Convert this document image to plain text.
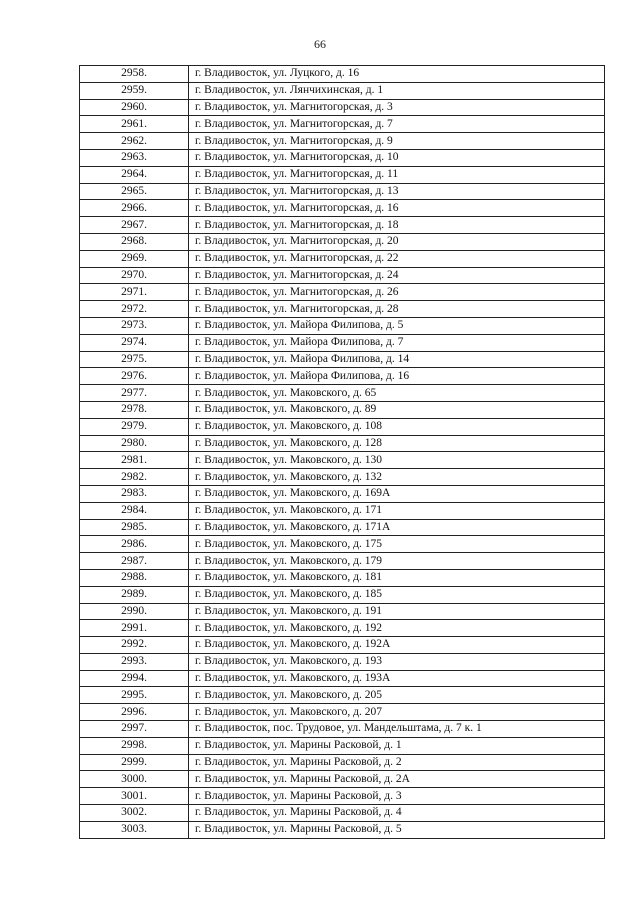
66
2958.	г. Владивосток, ул. Луцкого, д. 16
2959.	г. Владивосток, ул. Лянчихинская, д. 1
2960.	г. Владивосток, ул. Магнитогорская, д. 3
2961.	г. Владивосток, ул. Магнитогорская, д. 7
2962.	г. Владивосток, ул. Магнитогорская, д. 9
2963.	г. Владивосток, ул. Магнитогорская, д. 10
2964.	г. Владивосток, ул. Магнитогорская, д. 11
2965.	г. Владивосток, ул. Магнитогорская, д. 13
2966.	г. Владивосток, ул. Магнитогорская, д. 16
2967.	г. Владивосток, ул. Магнитогорская, д. 18
2968.	г. Владивосток, ул. Магнитогорская, д. 20
2969.	г. Владивосток, ул. Магнитогорская, д. 22
2970.	г. Владивосток, ул. Магнитогорская, д. 24
2971.	г. Владивосток, ул. Магнитогорская, д. 26
2972.	г. Владивосток, ул. Магнитогорская, д. 28
2973.	г. Владивосток, ул. Майора Филипова, д. 5
2974.	г. Владивосток, ул. Майора Филипова, д. 7
2975.	г. Владивосток, ул. Майора Филипова, д. 14
2976.	г. Владивосток, ул. Майора Филипова, д. 16
2977.	г. Владивосток, ул. Маковского, д. 65
2978.	г. Владивосток, ул. Маковского, д. 89
2979.	г. Владивосток, ул. Маковского, д. 108
2980.	г. Владивосток, ул. Маковского, д. 128
2981.	г. Владивосток, ул. Маковского, д. 130
2982.	г. Владивосток, ул. Маковского, д. 132
2983.	г. Владивосток, ул. Маковского, д. 169А
2984.	г. Владивосток, ул. Маковского, д. 171
2985.	г. Владивосток, ул. Маковского, д. 171А
2986.	г. Владивосток, ул. Маковского, д. 175
2987.	г. Владивосток, ул. Маковского, д. 179
2988.	г. Владивосток, ул. Маковского, д. 181
2989.	г. Владивосток, ул. Маковского, д. 185
2990.	г. Владивосток, ул. Маковского, д. 191
2991.	г. Владивосток, ул. Маковского, д. 192
2992.	г. Владивосток, ул. Маковского, д. 192А
2993.	г. Владивосток, ул. Маковского, д. 193
2994.	г. Владивосток, ул. Маковского, д. 193А
2995.	г. Владивосток, ул. Маковского, д. 205
2996.	г. Владивосток, ул. Маковского, д. 207
2997.	г. Владивосток, пос. Трудовое, ул. Мандельштама, д. 7 к. 1
2998.	г. Владивосток, ул. Марины Расковой, д. 1
2999.	г. Владивосток, ул. Марины Расковой, д. 2
3000.	г. Владивосток, ул. Марины Расковой, д. 2А
3001.	г. Владивосток, ул. Марины Расковой, д. 3
3002.	г. Владивосток, ул. Марины Расковой, д. 4
3003.	г. Владивосток, ул. Марины Расковой, д. 5
